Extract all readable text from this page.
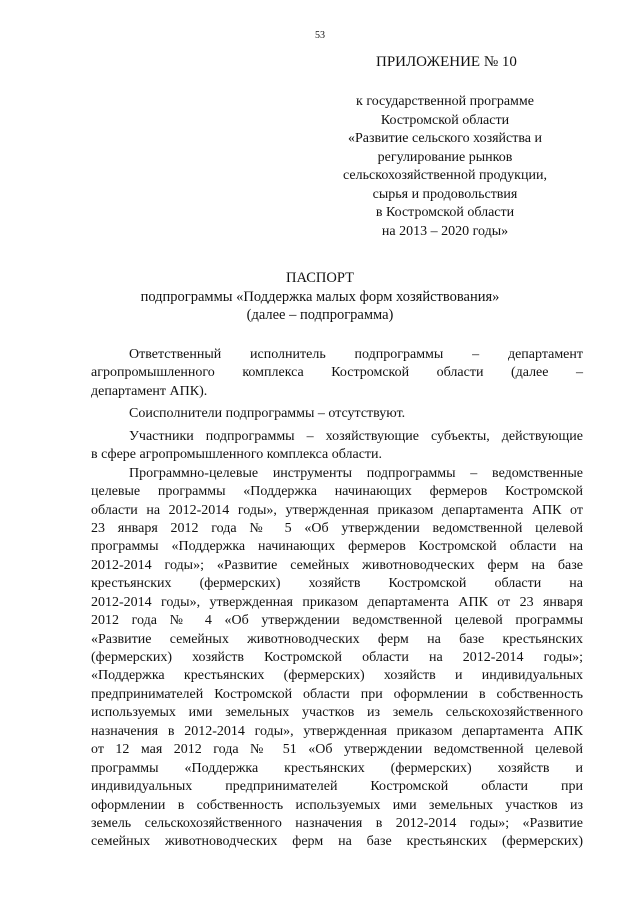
53
ПРИЛОЖЕНИЕ № 10
к государственной программе
Костромской области
«Развитие сельского хозяйства и
регулирование рынков
сельскохозяйственной продукции,
сырья и продовольствия
в Костромской области
на 2013 – 2020 годы»
ПАСПОРТ
подпрограммы «Поддержка малых форм хозяйствования»
(далее – подпрограмма)
Ответственный исполнитель подпрограммы – департамент
агропромышленного комплекса Костромской области (далее –
департамент АПК).
Соисполнители подпрограммы – отсутствуют.
Участники подпрограммы – хозяйствующие субъекты, действующие
в сфере агропромышленного комплекса области.
Программно-целевые инструменты подпрограммы – ведомственные
целевые программы «Поддержка начинающих фермеров Костромской
области на 2012-2014 годы», утвержденная приказом департамента АПК от
23 января 2012 года № 5 «Об утверждении ведомственной целевой
программы «Поддержка начинающих фермеров Костромской области на
2012-2014 годы»; «Развитие семейных животноводческих ферм на базе
крестьянских (фермерских) хозяйств Костромской области на
2012-2014 годы», утвержденная приказом департамента АПК от 23 января
2012 года № 4 «Об утверждении ведомственной целевой программы
«Развитие семейных животноводческих ферм на базе крестьянских
(фермерских) хозяйств Костромской области на 2012-2014 годы»;
«Поддержка крестьянских (фермерских) хозяйств и индивидуальных
предпринимателей Костромской области при оформлении в собственность
используемых ими земельных участков из земель сельскохозяйственного
назначения в 2012-2014 годы», утвержденная приказом департамента АПК
от 12 мая 2012 года № 51 «Об утверждении ведомственной целевой
программы «Поддержка крестьянских (фермерских) хозяйств и
индивидуальных предпринимателей Костромской области при
оформлении в собственность используемых ими земельных участков из
земель сельскохозяйственного назначения в 2012-2014 годы»; «Развитие
семейных животноводческих ферм на базе крестьянских (фермерских)
